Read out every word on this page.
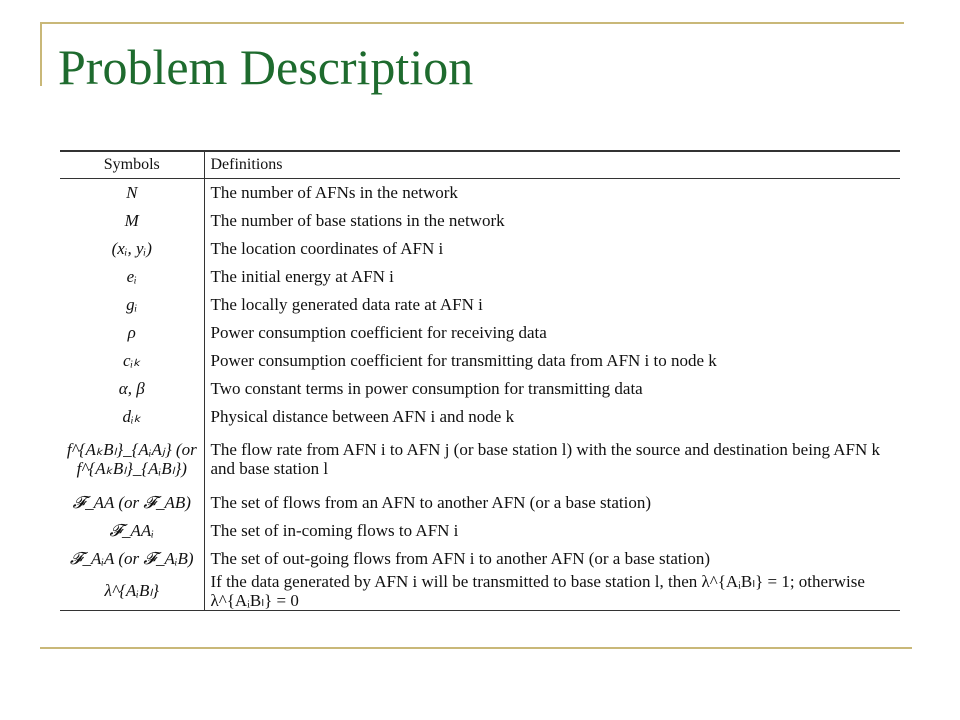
Problem Description
Symbols	Definitions
N	The number of AFNs in the network
M	The number of base stations in the network
(xᵢ, yᵢ)	The location coordinates of AFN i
eᵢ	The initial energy at AFN i
gᵢ	The locally generated data rate at AFN i
ρ	Power consumption coefficient for receiving data
cᵢₖ	Power consumption coefficient for transmitting data from AFN i to node k
α, β	Two constant terms in power consumption for transmitting data
dᵢₖ	Physical distance between AFN i and node k
f^{AₖBₗ}_{AᵢAⱼ} (or f^{AₖBₗ}_{AᵢBₗ})	The flow rate from AFN i to AFN j (or base station l) with the source and destination being AFN k and base station l
𝓕_AA (or 𝓕_AB)	The set of flows from an AFN to another AFN (or a base station)
𝓕_AAᵢ	The set of in-coming flows to AFN i
𝓕_AᵢA (or 𝓕_AᵢB)	The set of out-going flows from AFN i to another AFN (or a base station)
λ^{AᵢBₗ}	If the data generated by AFN i will be transmitted to base station l, then λ^{AᵢBₗ} = 1; otherwise λ^{AᵢBₗ} = 0
